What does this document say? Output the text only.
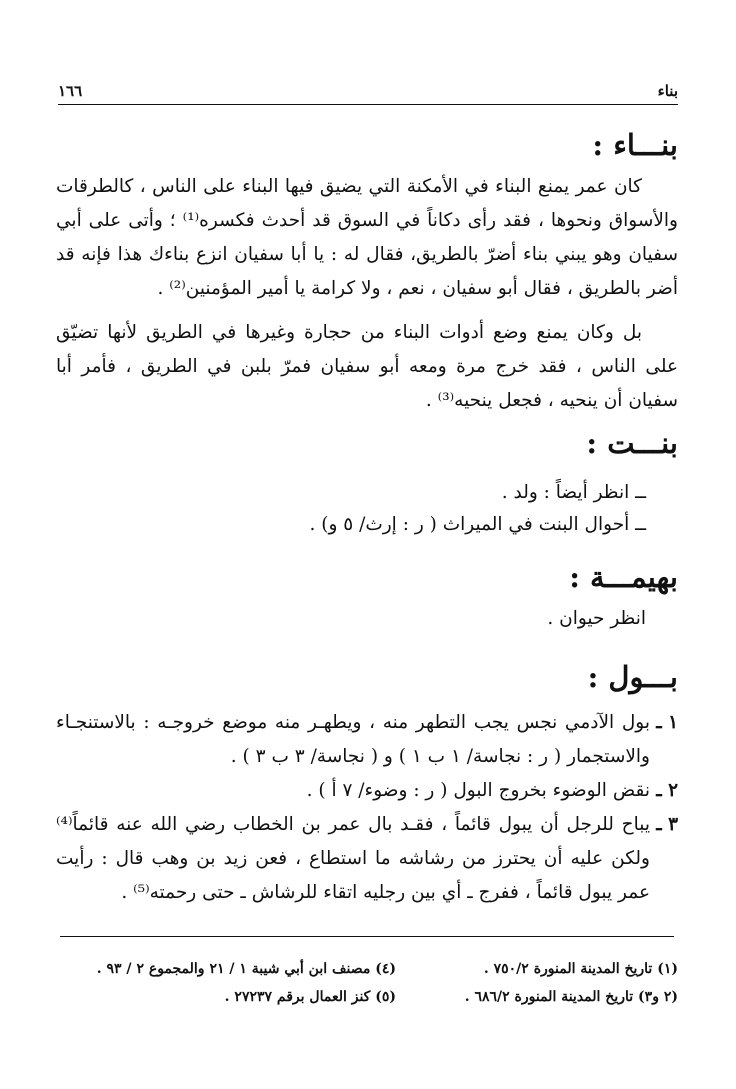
بناء
١٦٦
بنـــاء :
كان عمر يمنع البناء في الأمكنة التي يضيق فيها البناء على الناس ، كالطرقات والأسواق ونحوها ، فقد رأى دكاناً في السوق قد أحدث فكسره⁽¹⁾ ؛ وأتى على أبي سفيان وهو يبني بناء أضرّ بالطريق، فقال له : يا أبا سفيان انزع بناءك هذا فإنه قد أضر بالطريق ، فقال أبو سفيان ، نعم ، ولا كرامة يا أمير المؤمنين⁽²⁾ .
بل وكان يمنع وضع أدوات البناء من حجارة وغيرها في الطريق لأنها تضيّق على الناس ، فقد خرج مرة ومعه أبو سفيان فمرّ بلبن في الطريق ، فأمر أبا سفيان أن ينحيه ، فجعل ينحيه⁽³⁾ .
بنـــت :
ــ انظر أيضاً : ولد .
ــ أحوال البنت في الميراث ( ر : إرث/ ٥ و) .
بهيمـــة :
انظر حيوان .
بـــول :
١ ـ
بول الآدمي نجس يجب التطهر منه ، ويطهـر منه موضع خروجـه : بالاستنجـاء والاستجمار ( ر : نجاسة/ ١ ب ١ ) و ( نجاسة/ ٣ ب ٣ ) .
٢ ـ
نقض الوضوء بخروج البول ( ر : وضوء/ ٧ أ ) .
٣ ـ
يباح للرجل أن يبول قائماً ، فقـد بال عمر بن الخطاب رضي الله عنه قائماً⁽⁴⁾ ولكن عليه أن يحترز من رشاشه ما استطاع ، فعن زيد بن وهب قال : رأيت عمر يبول قائماً ، ففرج ـ أي بين رجليه اتقاء للرشاش ـ حتى رحمته⁽⁵⁾ .
(١) تاريخ المدينة المنورة ٧٥٠/٢ .
(٢ و٣) تاريخ المدينة المنورة ٦٨٦/٢ .
(٤) مصنف ابن أبي شيبة ١ / ٢١ والمجموع ٢ / ٩٣ .
(٥) كنز العمال برقم ٢٧٢٣٧ .
